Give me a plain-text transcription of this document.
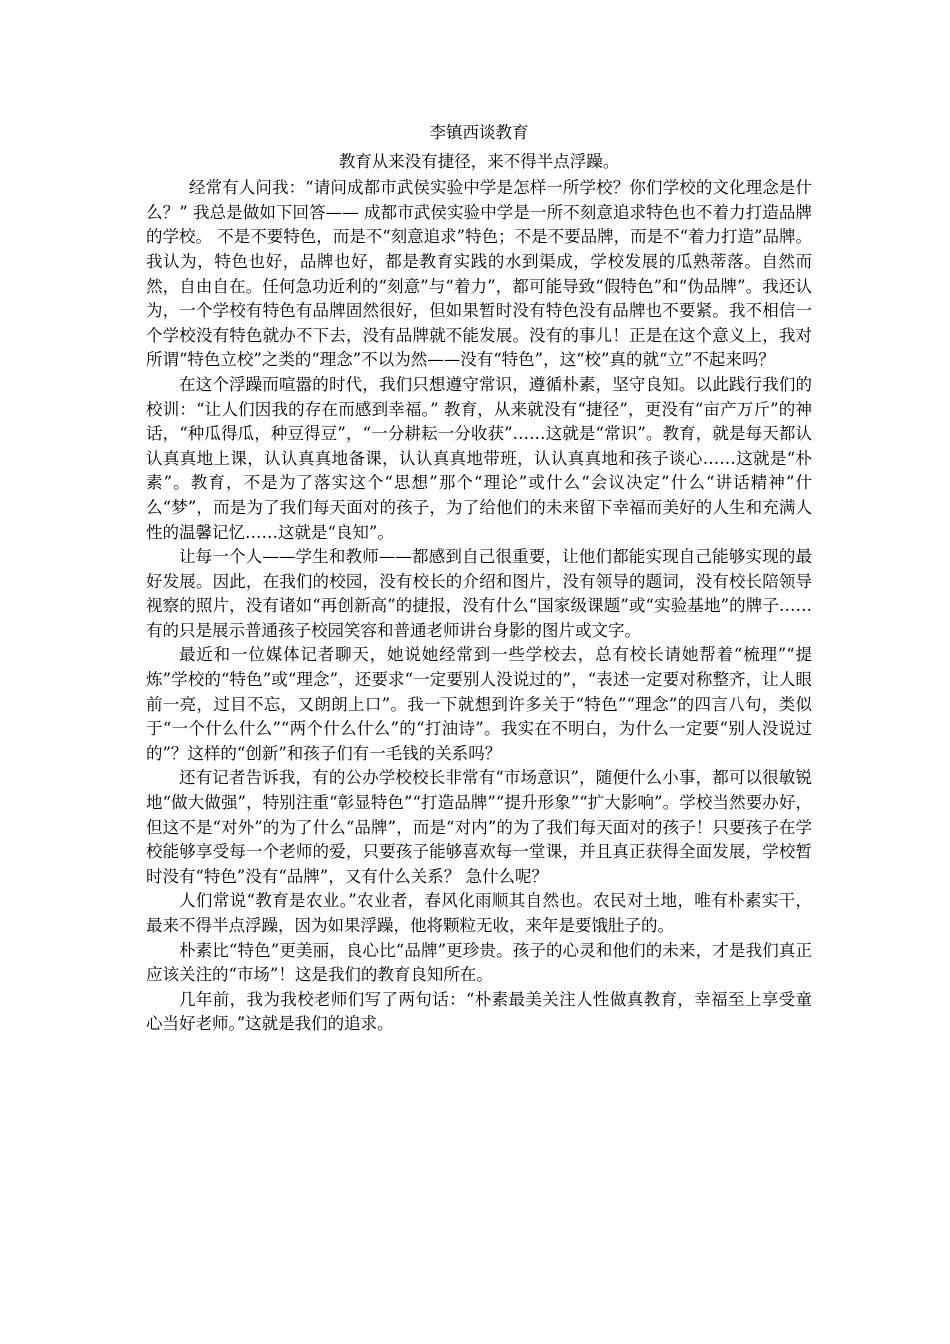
李镇西谈教育

教育从来没有捷径，来不得半点浮躁。

经常有人问我：“请问成都市武侯实验中学是怎样一所学校？你们学校的文化理念是什么？” 我总是做如下回答—— 成都市武侯实验中学是一所不刻意追求特色也不着力打造品牌的学校。 不是不要特色，而是不“刻意追求”特色；不是不要品牌，而是不“着力打造”品牌。我认为，特色也好，品牌也好，都是教育实践的水到渠成，学校发展的瓜熟蒂落。自然而然，自由自在。任何急功近利的“刻意”与“着力”，都可能导致“假特色”和“伪品牌”。我还认为，一个学校有特色有品牌固然很好，但如果暂时没有特色没有品牌也不要紧。我不相信一个学校没有特色就办不下去，没有品牌就不能发展。没有的事儿！正是在这个意义上，我对所谓“特色立校”之类的“理念”不以为然——没有“特色”，这“校”真的就“立”不起来吗？

在这个浮躁而喧嚣的时代，我们只想遵守常识，遵循朴素，坚守良知。以此践行我们的校训：“让人们因我的存在而感到幸福。” 教育，从来就没有“捷径”，更没有“亩产万斤”的神话，“种瓜得瓜，种豆得豆”，“一分耕耘一分收获”……这就是“常识”。教育，就是每天都认认真真地上课，认认真真地备课，认认真真地带班，认认真真地和孩子谈心……这就是“朴素”。教育，不是为了落实这个“思想”那个“理论”或什么“会议决定”什么“讲话精神”什么“梦”，而是为了我们每天面对的孩子，为了给他们的未来留下幸福而美好的人生和充满人性的温馨记忆……这就是“良知”。

让每一个人——学生和教师——都感到自己很重要，让他们都能实现自己能够实现的最好发展。因此，在我们的校园，没有校长的介绍和图片，没有领导的题词，没有校长陪领导视察的照片，没有诸如“再创新高”的捷报，没有什么“国家级课题”或“实验基地”的牌子……有的只是展示普通孩子校园笑容和普通老师讲台身影的图片或文字。

最近和一位媒体记者聊天，她说她经常到一些学校去，总有校长请她帮着“梳理”“提炼”学校的“特色”或“理念”，还要求“一定要别人没说过的”，“表述一定要对称整齐，让人眼前一亮，过目不忘，又朗朗上口”。我一下就想到许多关于“特色”“理念”的四言八句，类似于“一个什么什么”“两个什么什么”的“打油诗”。我实在不明白，为什么一定要“别人没说过的”？这样的“创新”和孩子们有一毛钱的关系吗？

还有记者告诉我，有的公办学校校长非常有“市场意识”，随便什么小事，都可以很敏锐地“做大做强”，特别注重“彰显特色”“打造品牌”“提升形象”“扩大影响”。学校当然要办好，但这不是“对外”的为了什么“品牌”，而是“对内”的为了我们每天面对的孩子！只要孩子在学校能够享受每一个老师的爱，只要孩子能够喜欢每一堂课，并且真正获得全面发展，学校暂时没有“特色”没有“品牌”，又有什么关系？ 急什么呢？

人们常说“教育是农业。”农业者，春风化雨顺其自然也。农民对土地，唯有朴素实干，最来不得半点浮躁，因为如果浮躁，他将颗粒无收，来年是要饿肚子的。

朴素比“特色”更美丽，良心比“品牌”更珍贵。孩子的心灵和他们的未来，才是我们真正应该关注的“市场”！这是我们的教育良知所在。

几年前，我为我校老师们写了两句话：“朴素最美关注人性做真教育，幸福至上享受童心当好老师。”这就是我们的追求。
